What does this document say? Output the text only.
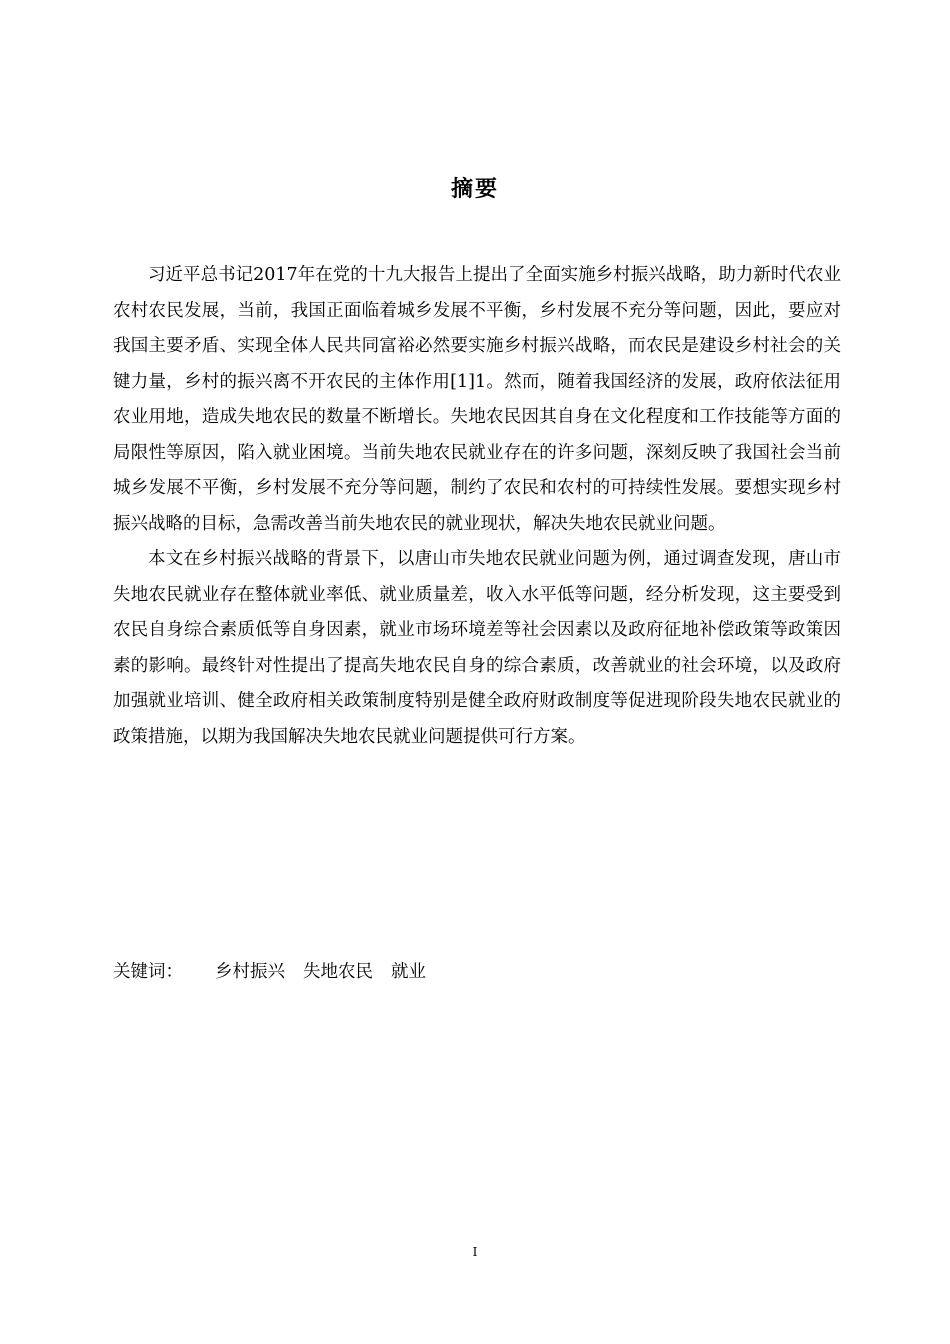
摘要

习近平总书记2017年在党的十九大报告上提出了全面实施乡村振兴战略，助力新时代农业农村农民发展，当前，我国正面临着城乡发展不平衡，乡村发展不充分等问题，因此，要应对我国主要矛盾、实现全体人民共同富裕必然要实施乡村振兴战略，而农民是建设乡村社会的关键力量，乡村的振兴离不开农民的主体作用[1]1。然而，随着我国经济的发展，政府依法征用农业用地，造成失地农民的数量不断增长。失地农民因其自身在文化程度和工作技能等方面的局限性等原因，陷入就业困境。当前失地农民就业存在的许多问题，深刻反映了我国社会当前城乡发展不平衡，乡村发展不充分等问题，制约了农民和农村的可持续性发展。要想实现乡村振兴战略的目标，急需改善当前失地农民的就业现状，解决失地农民就业问题。

本文在乡村振兴战略的背景下，以唐山市失地农民就业问题为例，通过调查发现，唐山市失地农民就业存在整体就业率低、就业质量差，收入水平低等问题，经分析发现，这主要受到农民自身综合素质低等自身因素，就业市场环境差等社会因素以及政府征地补偿政策等政策因素的影响。最终针对性提出了提高失地农民自身的综合素质，改善就业的社会环境，以及政府加强就业培训、健全政府相关政策制度特别是健全政府财政制度等促进现阶段失地农民就业的政策措施，以期为我国解决失地农民就业问题提供可行方案。

关键词： 乡村振兴 失地农民 就业
I
